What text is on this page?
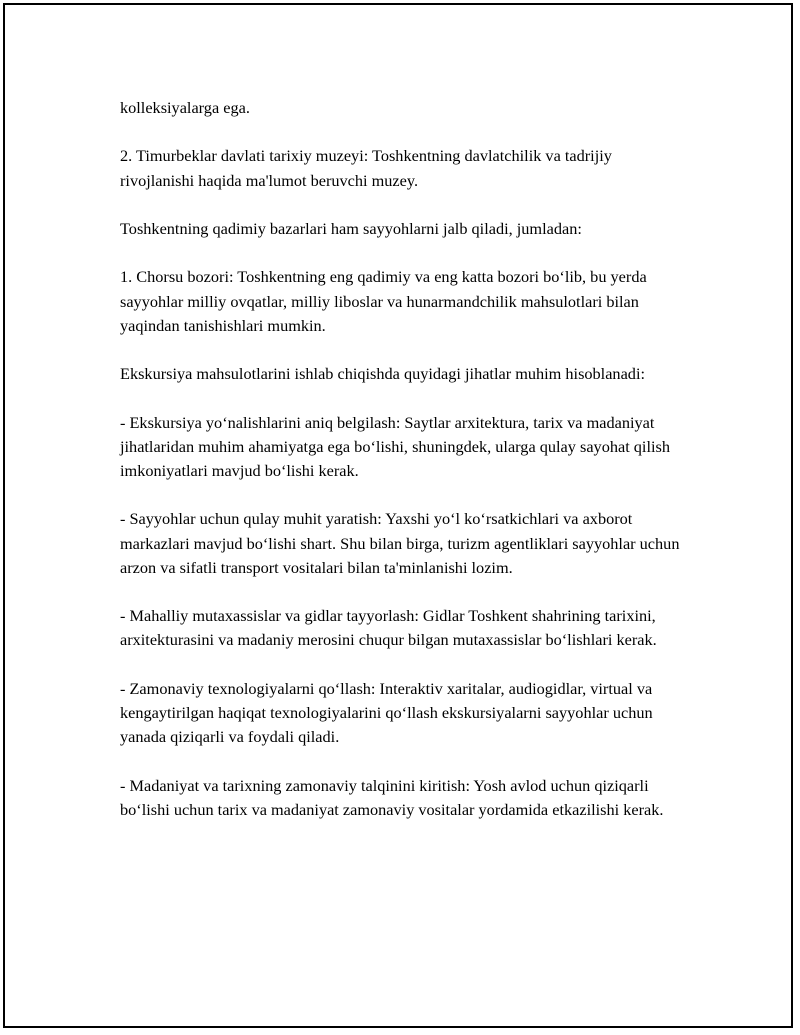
kolleksiyalarga ega.

2. Timurbeklar davlati tarixiy muzeyi: Toshkentning davlatchilik va tadrijiy rivojlanishi haqida ma'lumot beruvchi muzey.

Toshkentning qadimiy bazarlari ham sayyohlarni jalb qiladi, jumladan:

1. Chorsu bozori: Toshkentning eng qadimiy va eng katta bozori bo‘lib, bu yerda sayyohlar milliy ovqatlar, milliy liboslar va hunarmandchilik mahsulotlari bilan yaqindan tanishishlari mumkin.

Ekskursiya mahsulotlarini ishlab chiqishda quyidagi jihatlar muhim hisoblanadi:

- Ekskursiya yo‘nalishlarini aniq belgilash: Saytlar arxitektura, tarix va madaniyat jihatlaridan muhim ahamiyatga ega bo‘lishi, shuningdek, ularga qulay sayohat qilish imkoniyatlari mavjud bo‘lishi kerak.

- Sayyohlar uchun qulay muhit yaratish: Yaxshi yo‘l ko‘rsatkichlari va axborot markazlari mavjud bo‘lishi shart. Shu bilan birga, turizm agentliklari sayyohlar uchun arzon va sifatli transport vositalari bilan ta'minlanishi lozim.

- Mahalliy mutaxassislar va gidlar tayyorlash: Gidlar Toshkent shahrining tarixini, arxitekturasini va madaniy merosini chuqur bilgan mutaxassislar bo‘lishlari kerak.

- Zamonaviy texnologiyalarni qo‘llash: Interaktiv xaritalar, audiogidlar, virtual va kengaytirilgan haqiqat texnologiyalarini qo‘llash ekskursiyalarni sayyohlar uchun yanada qiziqarli va foydali qiladi.

- Madaniyat va tarixning zamonaviy talqinini kiritish: Yosh avlod uchun qiziqarli bo‘lishi uchun tarix va madaniyat zamonaviy vositalar yordamida etkazilishi kerak.
